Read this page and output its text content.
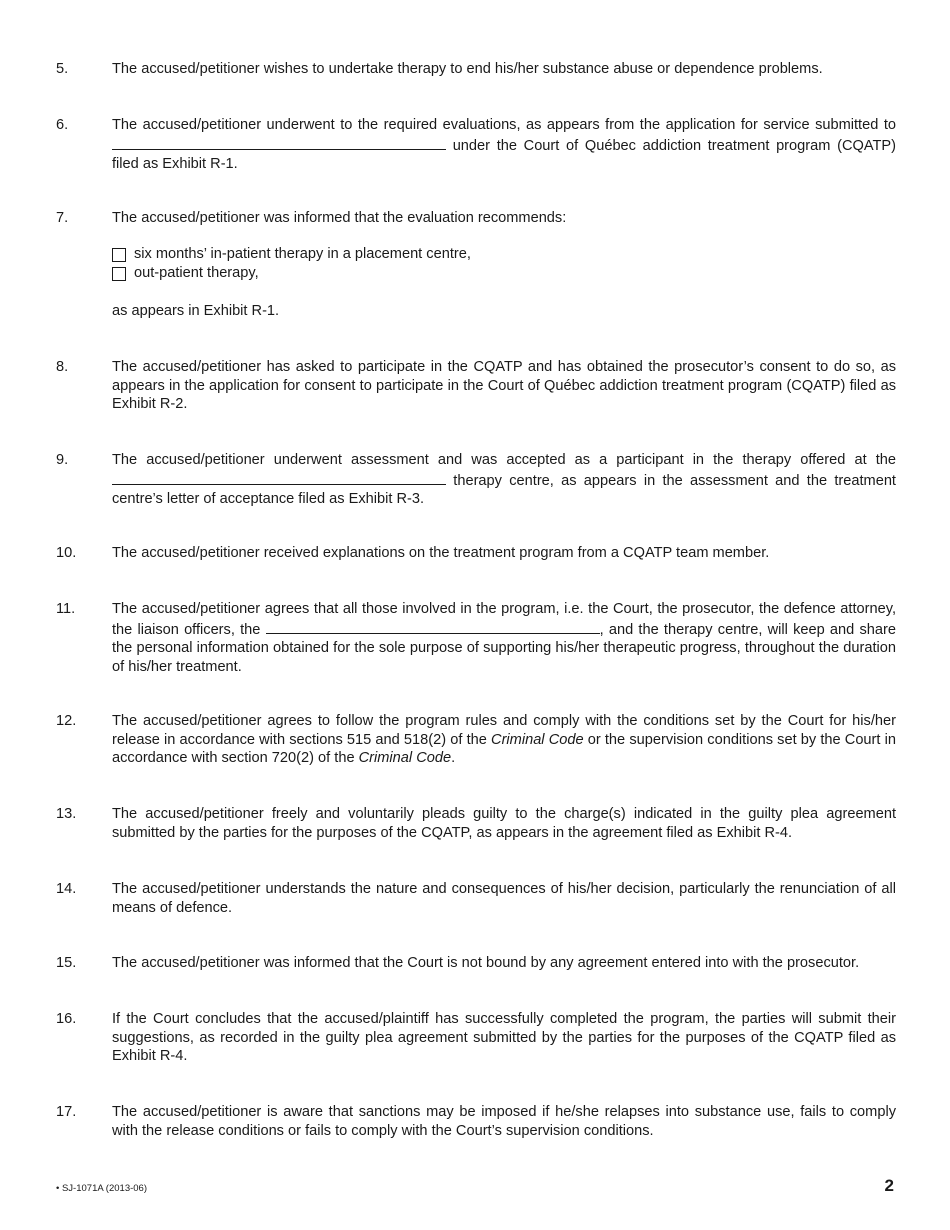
5.	The accused/petitioner wishes to undertake therapy to end his/her substance abuse or dependence problems.
6.	The accused/petitioner underwent to the required evaluations, as appears from the application for service submitted to  under the Court of Québec addiction treatment program (CQATP) filed as Exhibit R-1.
7.	The accused/petitioner was informed that the evaluation recommends:
six months’ in-patient therapy in a placement centre,
out-patient therapy,
as appears in Exhibit R-1.
8.	The accused/petitioner has asked to participate in the CQATP and has obtained the prosecutor’s consent to do so, as appears in the application for consent to participate in the Court of Québec addiction treatment program (CQATP) filed as Exhibit R-2.
9.	The accused/petitioner underwent assessment and was accepted as a participant in the therapy offered at the  therapy centre, as appears in the assessment and the treatment centre’s letter of acceptance filed as Exhibit R-3.
10. The accused/petitioner received explanations on the treatment program from a CQATP team member.
11.	The accused/petitioner agrees that all those involved in the program, i.e. the Court, the prosecutor, the defence attorney, the liaison officers, the	, and the therapy centre, will keep and share the personal information obtained for the sole purpose of supporting his/her therapeutic progress, throughout the duration of his/her treatment.
12. The accused/petitioner agrees to follow the program rules and comply with the conditions set by the Court for his/her release in accordance with sections 515 and 518(2) of the Criminal Code or the supervision conditions set by the Court in accordance with section 720(2) of the Criminal Code.
13. The accused/petitioner freely and voluntarily pleads guilty to the charge(s) indicated in the guilty plea agreement submitted by the parties for the purposes of the CQATP, as appears in the agreement filed as Exhibit R-4.
14. The accused/petitioner understands the nature and consequences of his/her decision, particularly the renunciation of all means of defence.
15. The accused/petitioner was informed that the Court is not bound by any agreement entered into with the prosecutor.
16. If the Court concludes that the accused/plaintiff has successfully completed the program, the parties will submit their suggestions, as recorded in the guilty plea agreement submitted by the parties for the purposes of the CQATP filed as Exhibit R-4.
17. The accused/petitioner is aware that sanctions may be imposed if he/she relapses into substance use, fails to comply with the release conditions or fails to comply with the Court’s supervision conditions.
• SJ-1071A (2013-06)	2
